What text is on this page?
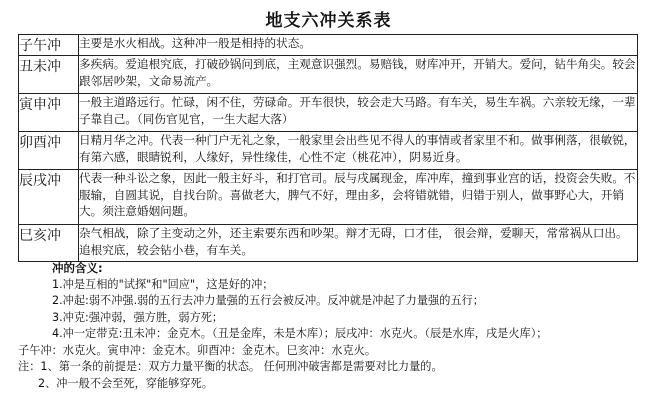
地支六冲关系表
子午冲	主要是水火相战。这种冲一般是相持的状态。
丑未冲	多疾病。爱追根究底，打破砂锅问到底，主观意识强烈。易赔钱，财库冲开，开销大。爱问，钻牛角尖。较会跟邻居吵架，文命易流产。
寅申冲	一般主道路远行。忙碌，闲不住，劳碌命。开车很快，较会走大马路。有车关，易生车祸。六亲较无缘，一辈子靠自己。（同伤官见官，一生大起大落）
卯酉冲	日精月华之冲。代表一种门户无礼之象，一般家里会出些见不得人的事情或者家里不和。做事俐落，很敏锐，有第六感，眼睛锐利，人缘好，异性缘佳，心性不定（桃花冲），阴易近身。
辰戌冲	代表一种斗讼之象，因此一般主好斗，和打官司。辰与戌属现金，库冲库，撞到事业宫的话，投资会失败。不服输，自圆其说，自找台阶。喜做老大，脾气不好，理由多，会将错就错，归错于别人，做事野心大，开销大。须注意婚姻问题。
巳亥冲	杂气相战，除了主变动之外，还主索要东西和吵架。辩才无碍，口才佳， 很会辩，爱聊天，常常祸从口出。追根究底，较会钻小巷，有车关。
冲的含义:
1.冲是互相的"试探"和"回应"，这是好的冲；
2.冲起:弱不冲强.弱的五行去冲力量强的五行会被反冲。反冲就是冲起了力量强的五行；
3.冲克:强冲弱，强方胜，弱方死；
4.冲一定带克:丑未冲：金克木。（丑是金库，未是木库）；辰戌冲：水克火。（辰是水库，戌是火库）；
子午冲：水克火。寅申冲：金克木。卯酉冲：金克木。巳亥冲：水克火。
注：1、第一条的前提是：双方力量平衡的状态。 任何刑冲破害都是需要对比力量的。
2、冲一般不会至死，穿能够穿死。
